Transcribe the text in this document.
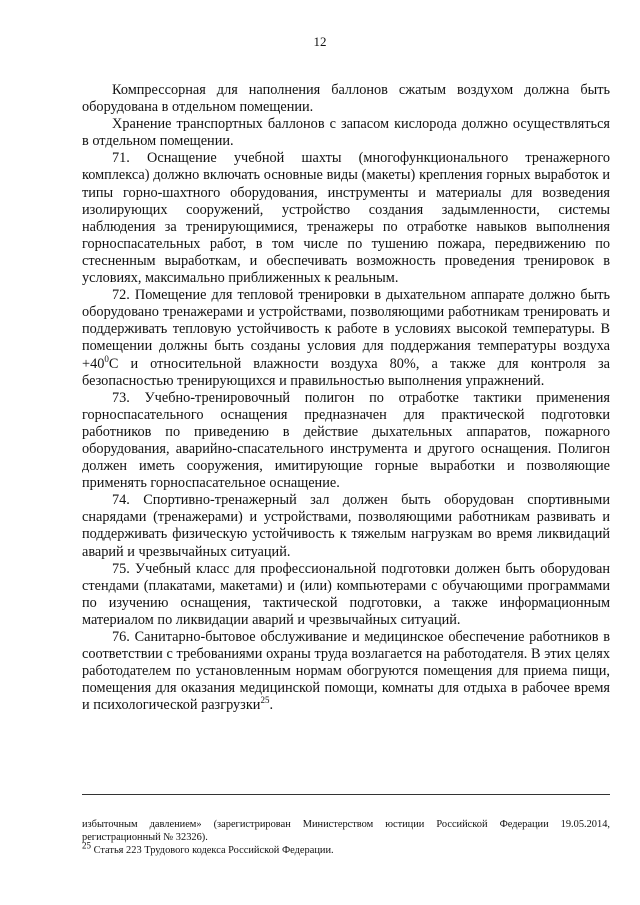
12

Компрессорная для наполнения баллонов сжатым воздухом должна быть оборудована в отдельном помещении.

Хранение транспортных баллонов с запасом кислорода должно осуществляться в отдельном помещении.

71. Оснащение учебной шахты (многофункционального тренажерного комплекса) должно включать основные виды (макеты) крепления горных выработок и типы горно-шахтного оборудования, инструменты и материалы для возведения изолирующих сооружений, устройство создания задымленности, системы наблюдения за тренирующимися, тренажеры по отработке навыков выполнения горноспасательных работ, в том числе по тушению пожара, передвижению по стесненным выработкам, и обеспечивать возможность проведения тренировок в условиях, максимально приближенных к реальным.

72. Помещение для тепловой тренировки в дыхательном аппарате должно быть оборудовано тренажерами и устройствами, позволяющими работникам тренировать и поддерживать тепловую устойчивость к работе в условиях высокой температуры. В помещении должны быть созданы условия для поддержания температуры воздуха $+40^0С$ и относительной влажности воздуха 80%, а также для контроля за безопасностью тренирующихся и правильностью выполнения упражнений.

73. Учебно-тренировочный полигон по отработке тактики применения горноспасательного оснащения предназначен для практической подготовки работников по приведению в действие дыхательных аппаратов, пожарного оборудования, аварийно-спасательного инструмента и другого оснащения. Полигон должен иметь сооружения, имитирующие горные выработки и позволяющие применять горноспасательное оснащение.

74. Спортивно-тренажерный зал должен быть оборудован спортивными снарядами (тренажерами) и устройствами, позволяющими работникам развивать и поддерживать физическую устойчивость к тяжелым нагрузкам во время ликвидаций аварий и чрезвычайных ситуаций.

75. Учебный класс для профессиональной подготовки должен быть оборудован стендами (плакатами, макетами) и (или) компьютерами с обучающими программами по изучению оснащения, тактической подготовки, а также информационным материалом по ликвидации аварий и чрезвычайных ситуаций.

76. Санитарно-бытовое обслуживание и медицинское обеспечение работников в соответствии с требованиями охраны труда возлагается на работодателя. В этих целях работодателем по установленным нормам обогруются помещения для приема пищи, помещения для оказания медицинской помощи, комнаты для отдыха в рабочее время и психологической разгрузки$^{25}$.

избыточным давлением» (зарегистрирован Министерством юстиции Российской Федерации 19.05.2014, регистрационный № 32326).

$^{25}$ Статья 223 Трудового кодекса Российской Федерации.
